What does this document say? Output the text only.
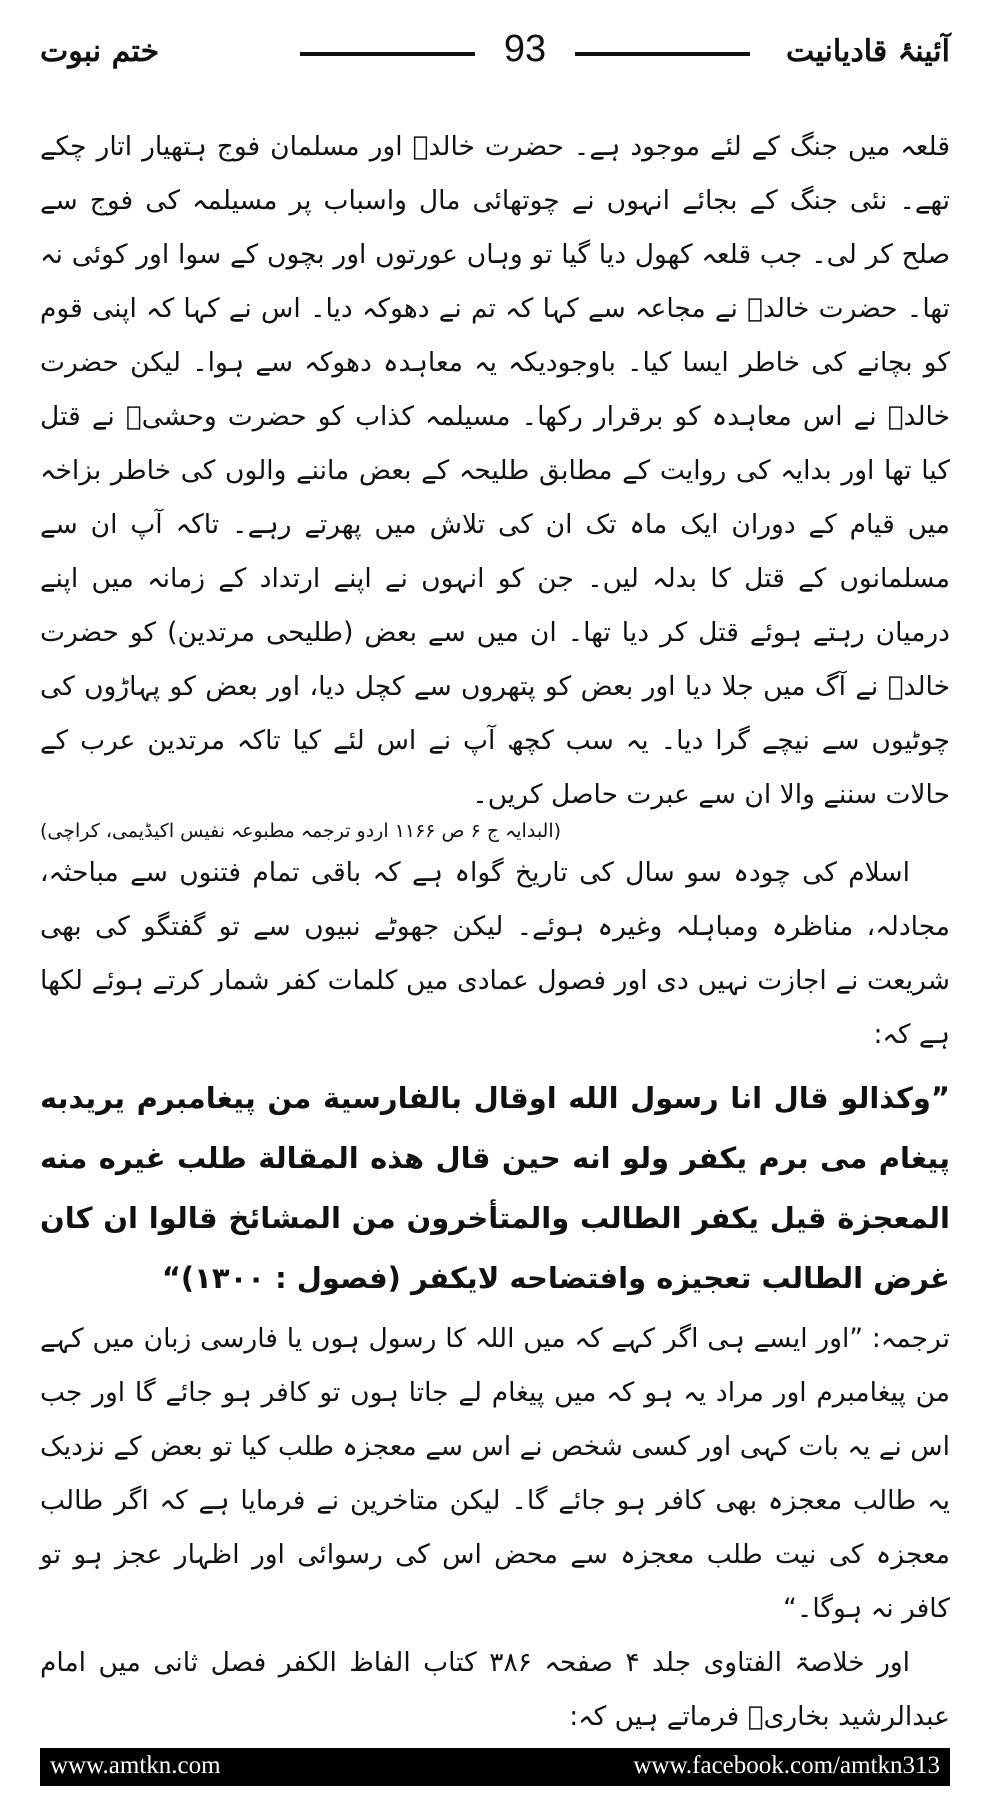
آئینۂ قادیانیت
93
ختم نبوت

قلعہ میں جنگ کے لئے موجود ہے۔ حضرت خالدؓ اور مسلمان فوج ہتھیار اتار چکے تھے۔ نئی جنگ کے بجائے انہوں نے چوتھائی مال واسباب پر مسیلمہ کی فوج سے صلح کر لی۔ جب قلعہ کھول دیا گیا تو وہاں عورتوں اور بچوں کے سوا اور کوئی نہ تھا۔ حضرت خالدؓ نے مجاعہ سے کہا کہ تم نے دھوکہ دیا۔ اس نے کہا کہ اپنی قوم کو بچانے کی خاطر ایسا کیا۔ باوجودیکہ یہ معاہدہ دھوکہ سے ہوا۔ لیکن حضرت خالدؓ نے اس معاہدہ کو برقرار رکھا۔ مسیلمہ کذاب کو حضرت وحشیؓ نے قتل کیا تھا اور بدایہ کی روایت کے مطابق طلیحہ کے بعض ماننے والوں کی خاطر بزاخہ میں قیام کے دوران ایک ماہ تک ان کی تلاش میں پھرتے رہے۔ تاکہ آپ ان سے مسلمانوں کے قتل کا بدلہ لیں۔ جن کو انہوں نے اپنے ارتداد کے زمانہ میں اپنے درمیان رہتے ہوئے قتل کر دیا تھا۔ ان میں سے بعض (طلیحی مرتدین) کو حضرت خالدؓ نے آگ میں جلا دیا اور بعض کو پتھروں سے کچل دیا، اور بعض کو پہاڑوں کی چوٹیوں سے نیچے گرا دیا۔ یہ سب کچھ آپ نے اس لئے کیا تاکہ مرتدین عرب کے حالات سننے والا ان سے عبرت حاصل کریں۔

(البدایہ ج ۶ ص ۱۱۶۶ اردو ترجمہ مطبوعہ نفیس اکیڈیمی، کراچی)

اسلام کی چودہ سو سال کی تاریخ گواہ ہے کہ باقی تمام فتنوں سے مباحثہ، مجادلہ، مناظرہ ومباہلہ وغیرہ ہوئے۔ لیکن جھوٹے نبیوں سے تو گفتگو کی بھی شریعت نے اجازت نہیں دی اور فصول عمادی میں کلمات کفر شمار کرتے ہوئے لکھا ہے کہ:

”وكذالو قال انا رسول الله اوقال بالفارسية من پيغامبرم يريدبه پيغام مى برم يكفر ولو انه حين قال هذه المقالة طلب غيره منه المعجزة قيل يكفر الطالب والمتأخرون من المشائخ قالوا ان كان غرض الطالب تعجيزه وافتضاحه لايكفر (فصول : ۱۳۰۰)“

ترجمہ: ”اور ایسے ہی اگر کہے کہ میں اللہ کا رسول ہوں یا فارسی زبان میں کہے من پیغامبرم اور مراد یہ ہو کہ میں پیغام لے جاتا ہوں تو کافر ہو جائے گا اور جب اس نے یہ بات کہی اور کسی شخص نے اس سے معجزہ طلب کیا تو بعض کے نزدیک یہ طالب معجزہ بھی کافر ہو جائے گا۔ لیکن متاخرین نے فرمایا ہے کہ اگر طالب معجزہ کی نیت طلب معجزہ سے محض اس کی رسوائی اور اظہار عجز ہو تو کافر نہ ہوگا۔“

اور خلاصۃ الفتاوی جلد ۴ صفحہ ۳۸۶ کتاب الفاظ الکفر فصل ثانی میں امام عبدالرشید بخاریؒ فرماتے ہیں کہ:

www.amtkn.com	www.facebook.com/amtkn313
